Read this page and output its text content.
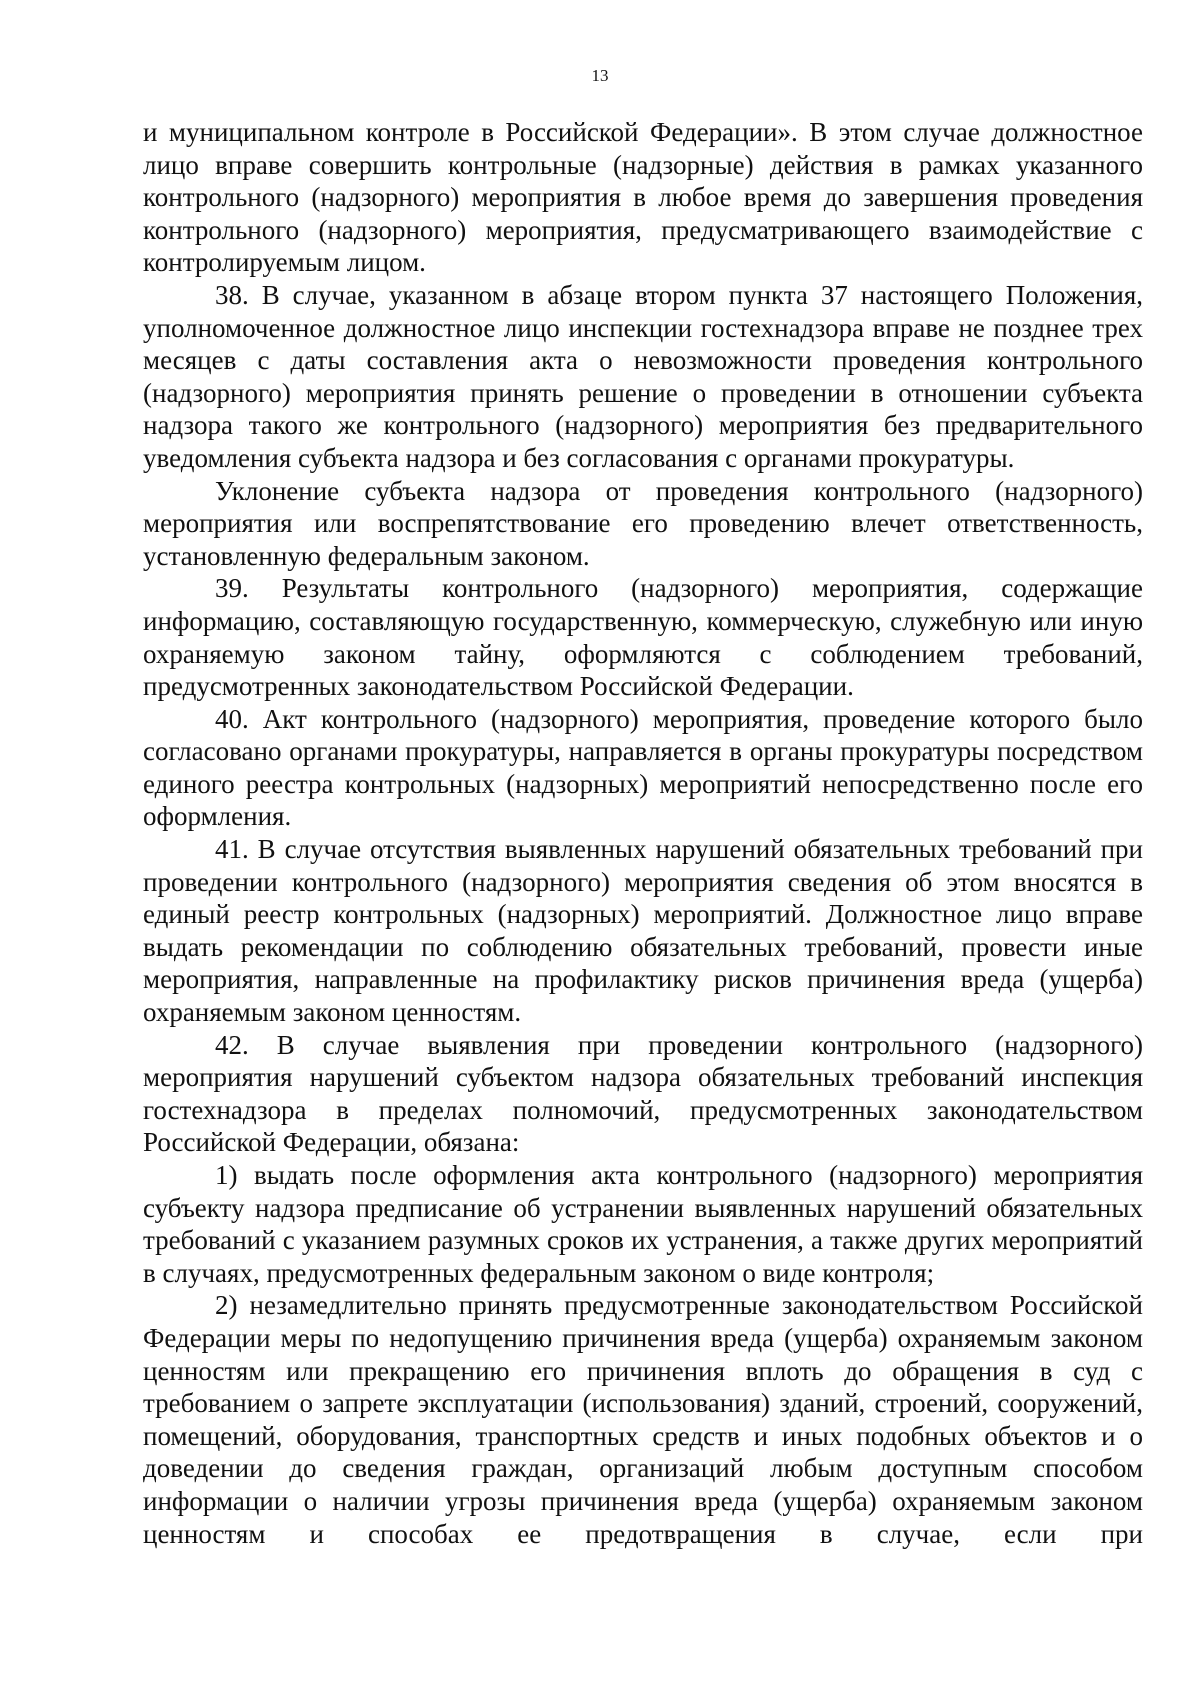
13

и муниципальном контроле в Российской Федерации». В этом случае должностное лицо вправе совершить контрольные (надзорные) действия в рамках указанного контрольного (надзорного) мероприятия в любое время до завершения проведения контрольного (надзорного) мероприятия, предусматривающего взаимодействие с контролируемым лицом.

38. В случае, указанном в абзаце втором пункта 37 настоящего Положения, уполномоченное должностное лицо инспекции гостехнадзора вправе не позднее трех месяцев с даты составления акта о невозможности проведения контрольного (надзорного) мероприятия принять решение о проведении в отношении субъекта надзора такого же контрольного (надзорного) мероприятия без предварительного уведомления субъекта надзора и без согласования с органами прокуратуры.

Уклонение субъекта надзора от проведения контрольного (надзорного) мероприятия или воспрепятствование его проведению влечет ответственность, установленную федеральным законом.

39. Результаты контрольного (надзорного) мероприятия, содержащие информацию, составляющую государственную, коммерческую, служебную или иную охраняемую законом тайну, оформляются с соблюдением требований, предусмотренных законодательством Российской Федерации.

40. Акт контрольного (надзорного) мероприятия, проведение которого было согласовано органами прокуратуры, направляется в органы прокуратуры посредством единого реестра контрольных (надзорных) мероприятий непосредственно после его оформления.

41. В случае отсутствия выявленных нарушений обязательных требований при проведении контрольного (надзорного) мероприятия сведения об этом вносятся в единый реестр контрольных (надзорных) мероприятий. Должностное лицо вправе выдать рекомендации по соблюдению обязательных требований, провести иные мероприятия, направленные на профилактику рисков причинения вреда (ущерба) охраняемым законом ценностям.

42. В случае выявления при проведении контрольного (надзорного) мероприятия нарушений субъектом надзора обязательных требований инспекция гостехнадзора в пределах полномочий, предусмотренных законодательством Российской Федерации, обязана:

1) выдать после оформления акта контрольного (надзорного) мероприятия субъекту надзора предписание об устранении выявленных нарушений обязательных требований с указанием разумных сроков их устранения, а также других мероприятий в случаях, предусмотренных федеральным законом о виде контроля;

2) незамедлительно принять предусмотренные законодательством Российской Федерации меры по недопущению причинения вреда (ущерба) охраняемым законом ценностям или прекращению его причинения вплоть до обращения в суд с требованием о запрете эксплуатации (использования) зданий, строений, сооружений, помещений, оборудования, транспортных средств и иных подобных объектов и о доведении до сведения граждан, организаций любым доступным способом информации о наличии угрозы причинения вреда (ущерба) охраняемым законом ценностям и способах ее предотвращения в случае, если при
